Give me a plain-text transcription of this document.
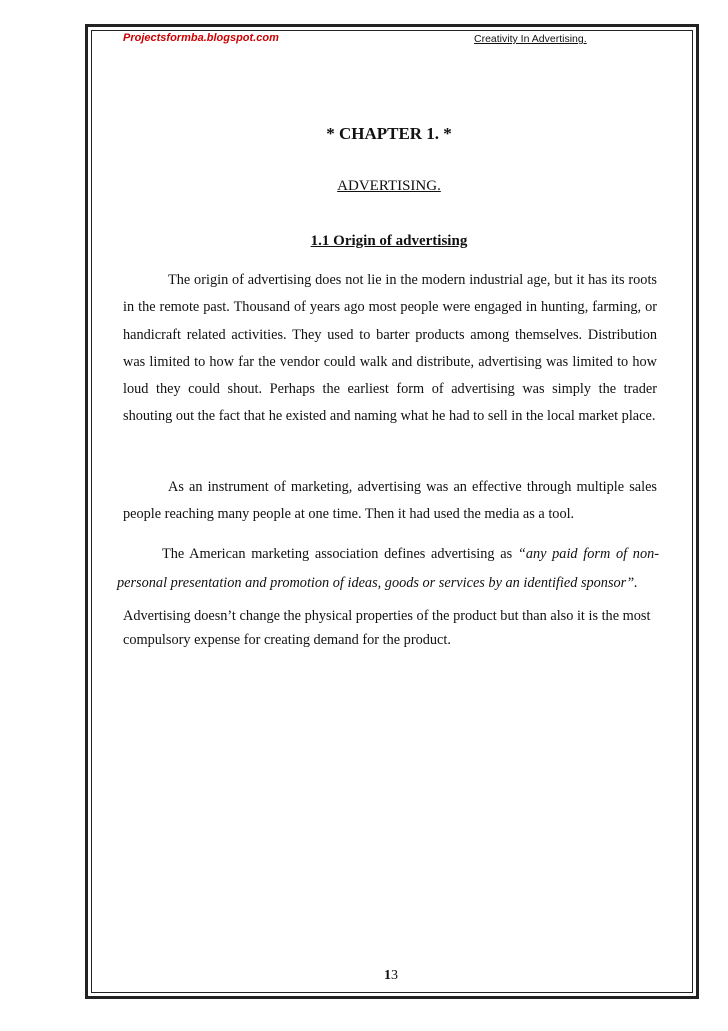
Projectsformba.blogspot.com	Creativity In Advertising.
* CHAPTER 1. *
ADVERTISING.
1.1 Origin of advertising

The origin of advertising does not lie in the modern industrial age, but it has its roots in the remote past. Thousand of years ago most people were engaged in hunting, farming, or handicraft related activities. They used to barter products among themselves. Distribution was limited to how far the vendor could walk and distribute, advertising was limited to how loud they could shout. Perhaps the earliest form of advertising was simply the trader shouting out the fact that he existed and naming what he had to sell in the local market place.

As an instrument of marketing, advertising was an effective through multiple sales people reaching many people at one time. Then it had used the media as a tool.

The American marketing association defines advertising as “any paid form of non-personal presentation and promotion of ideas, goods or services by an identified sponsor”.

Advertising doesn’t change the physical properties of the product but than also it is the most compulsory expense for creating demand for the product.

13
